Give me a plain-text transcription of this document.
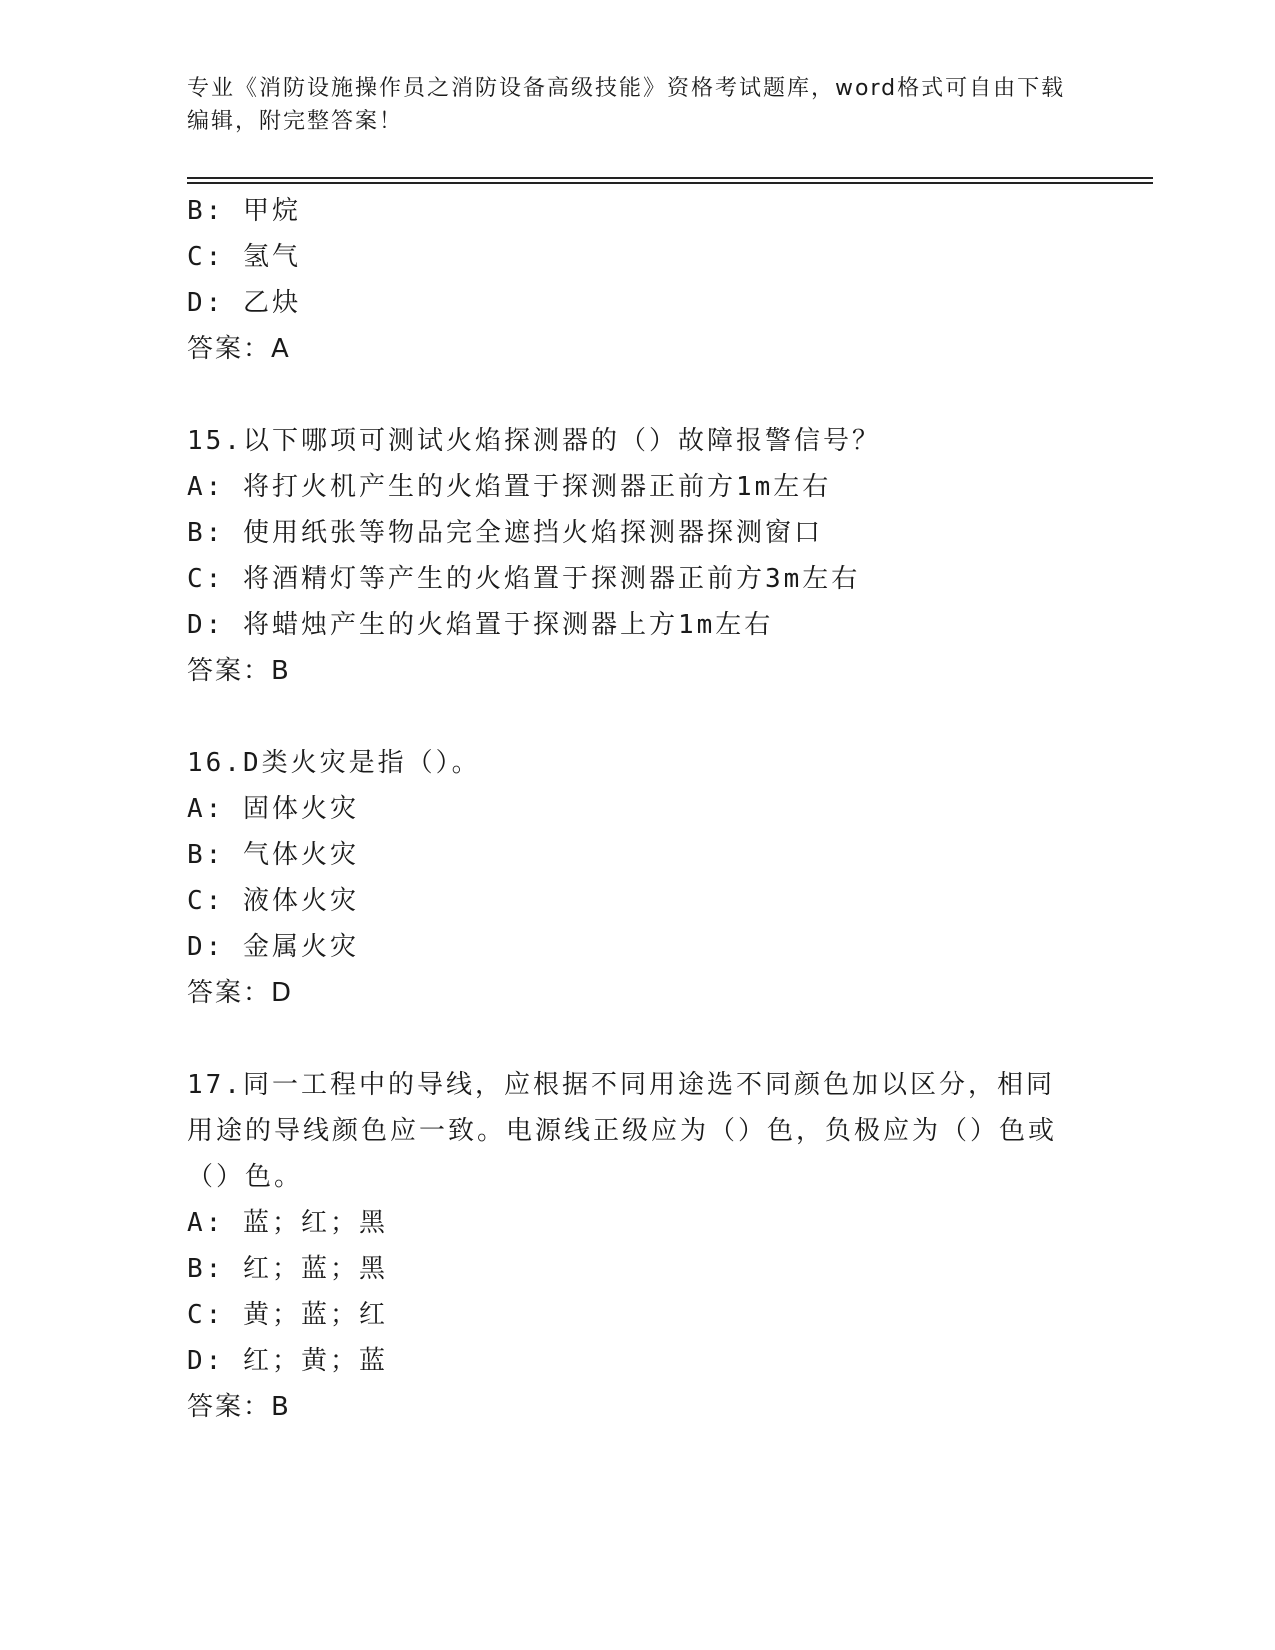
专业《消防设施操作员之消防设备高级技能》资格考试题库，word格式可自由下载编辑，附完整答案！
B: 甲烷
C: 氢气
D: 乙炔
答案：A
15.以下哪项可测试火焰探测器的（）故障报警信号？
A: 将打火机产生的火焰置于探测器正前方1m左右
B: 使用纸张等物品完全遮挡火焰探测器探测窗口
C: 将酒精灯等产生的火焰置于探测器正前方3m左右
D: 将蜡烛产生的火焰置于探测器上方1m左右
答案：B
16.D类火灾是指（）。
A: 固体火灾
B: 气体火灾
C: 液体火灾
D: 金属火灾
答案：D
17.同一工程中的导线，应根据不同用途选不同颜色加以区分，相同用途的导线颜色应一致。电源线正级应为（）色，负极应为（）色或（）色。
A: 蓝；红；黑
B: 红；蓝；黑
C: 黄；蓝；红
D: 红；黄；蓝
答案：B
